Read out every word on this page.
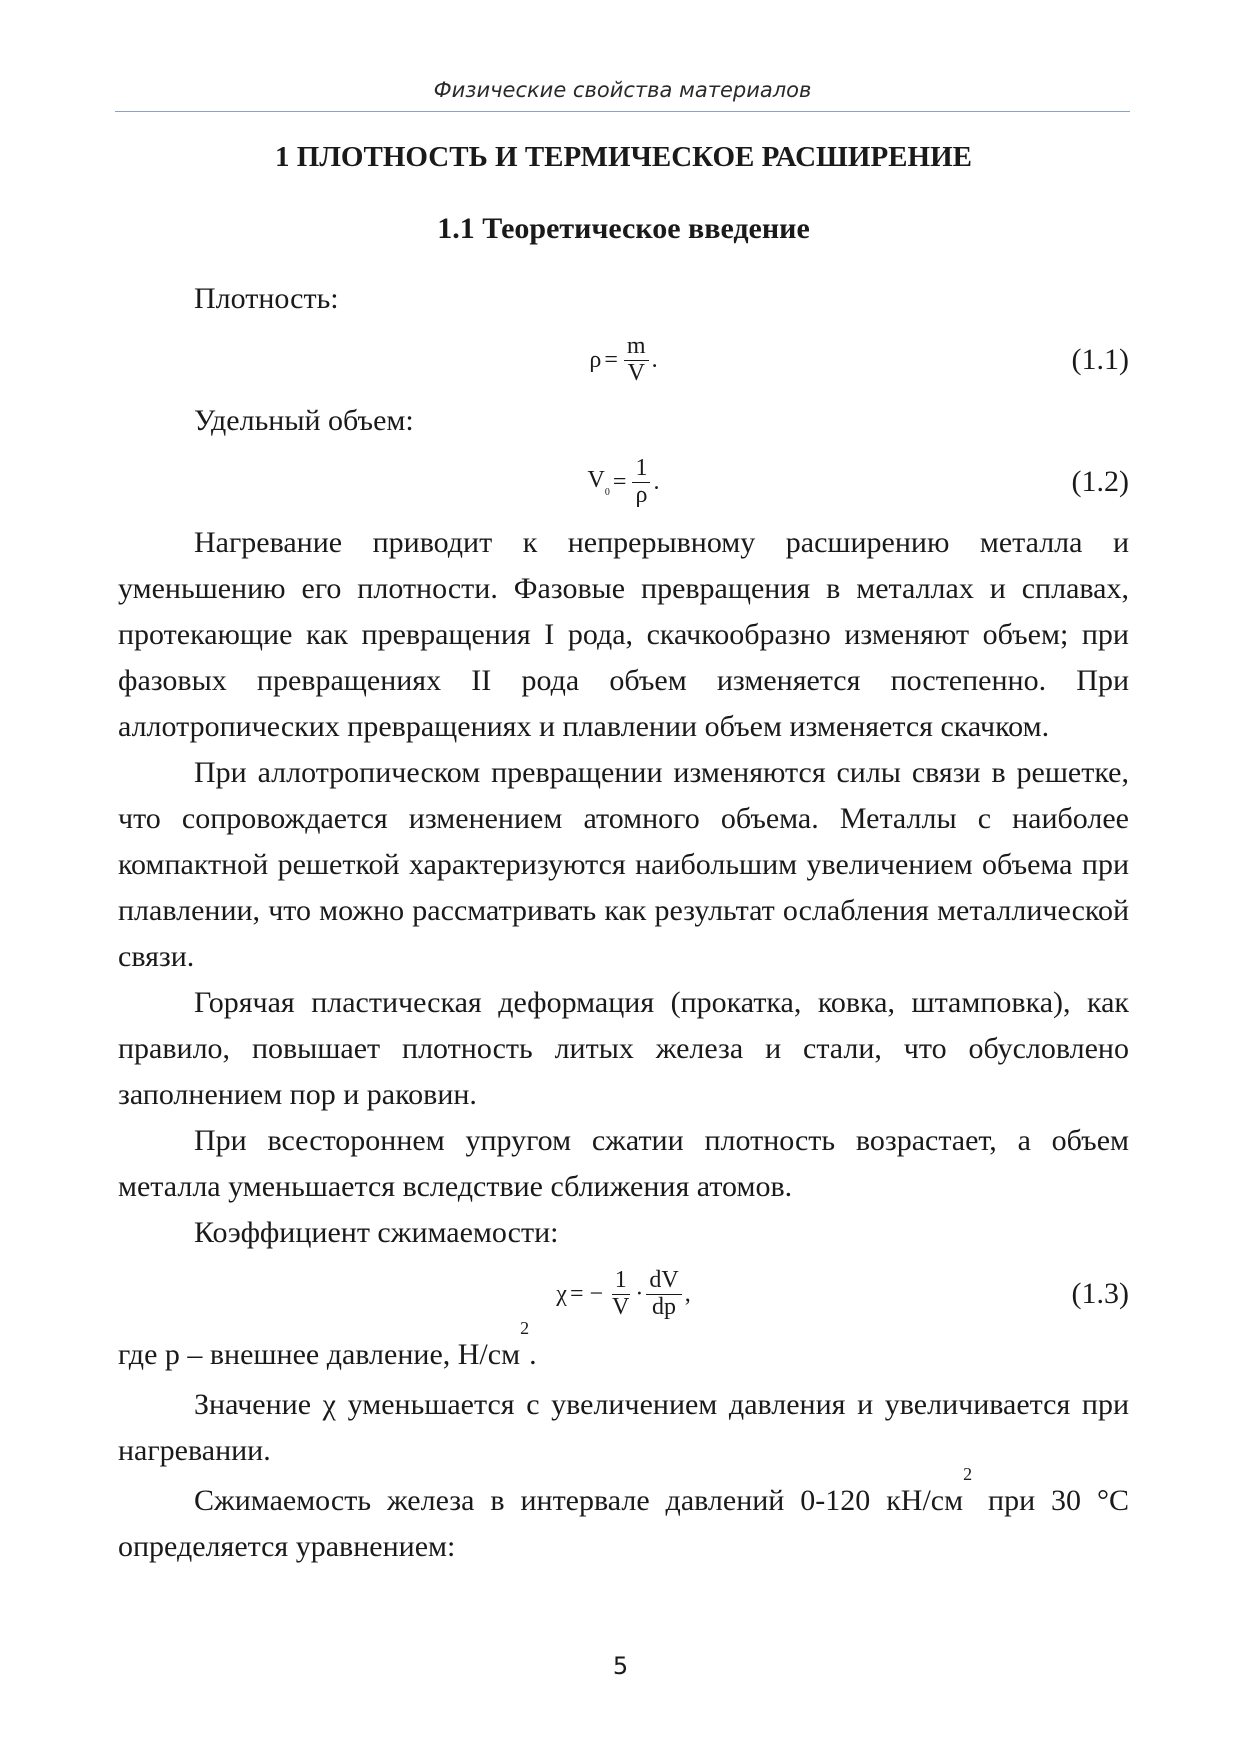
Физические свойства материалов
1 ПЛОТНОСТЬ И ТЕРМИЧЕСКОЕ РАСШИРЕНИЕ
1.1 Теоретическое введение

Плотность:

$\rho = \frac{m}{V}$ .	(1.1)

Удельный объем:

$V_0 = \frac{1}{\rho}$ .	(1.2)

Нагревание приводит к непрерывному расширению металла и уменьшению его плотности. Фазовые превращения в металлах и сплавах, протекающие как превращения I рода, скачкообразно изменяют объем; при фазовых превращениях II рода объем изменяется постепенно. При аллотропических превращениях и плавлении объем изменяется скачком.

При аллотропическом превращении изменяются силы связи в решетке, что сопровождается изменением атомного объема. Металлы с наиболее компактной решеткой характеризуются наибольшим увеличением объема при плавлении, что можно рассматривать как результат ослабления металлической связи.

Горячая пластическая деформация (прокатка, ковка, штамповка), как правило, повышает плотность литых железа и стали, что обусловлено заполнением пор и раковин.

При всестороннем упругом сжатии плотность возрастает, а объем металла уменьшается вследствие сближения атомов.

Коэффициент сжимаемости:

χ = − $\frac{1}{V} \cdot \frac{dV}{dp}$ ,	(1.3)

где p – внешнее давление, $Н/см^2$.

Значение χ уменьшается с увеличением давления и увеличивается при нагревании.

Сжимаемость железа в интервале давлений 0-120 $кН/см^2$ при 30 °С определяется уравнением:

5
